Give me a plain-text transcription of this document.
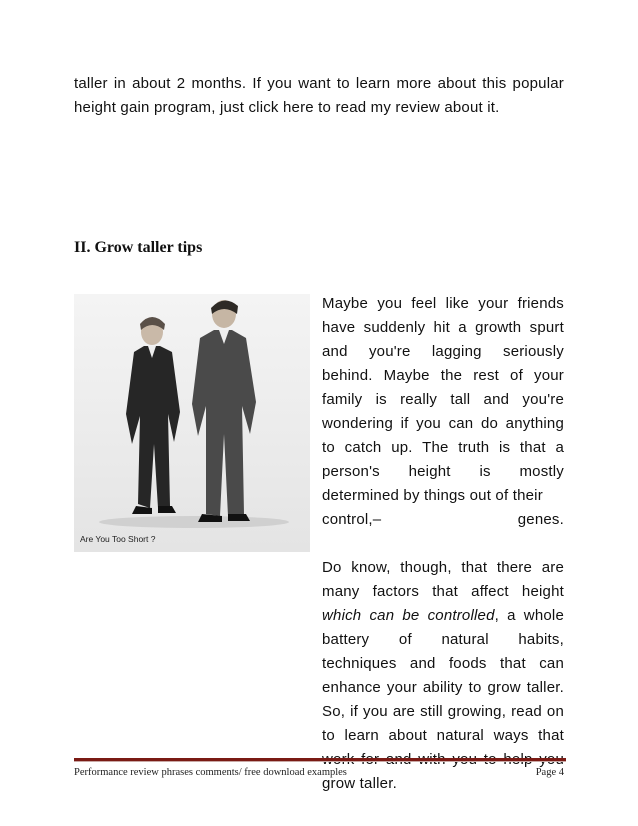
taller in about 2 months. If you want to learn more about this popular height gain program, just click here to read my review about it.
II. Grow taller tips
Are You Too Short ?

Maybe you feel like your friends have suddenly hit a growth spurt and you're lagging seriously behind. Maybe the rest of your family is really tall and you're wondering if you can do anything to catch up. The truth is that a person's height is mostly determined by things out of their
control,– genes.

Do know, though, that there are many factors that affect height which can be controlled, a whole battery of natural habits, techniques and foods that can enhance your ability to grow taller. So, if you are still growing, read on to learn about natural ways that grow taller.

Performance review phrases comments/ free download examples	Page 4
